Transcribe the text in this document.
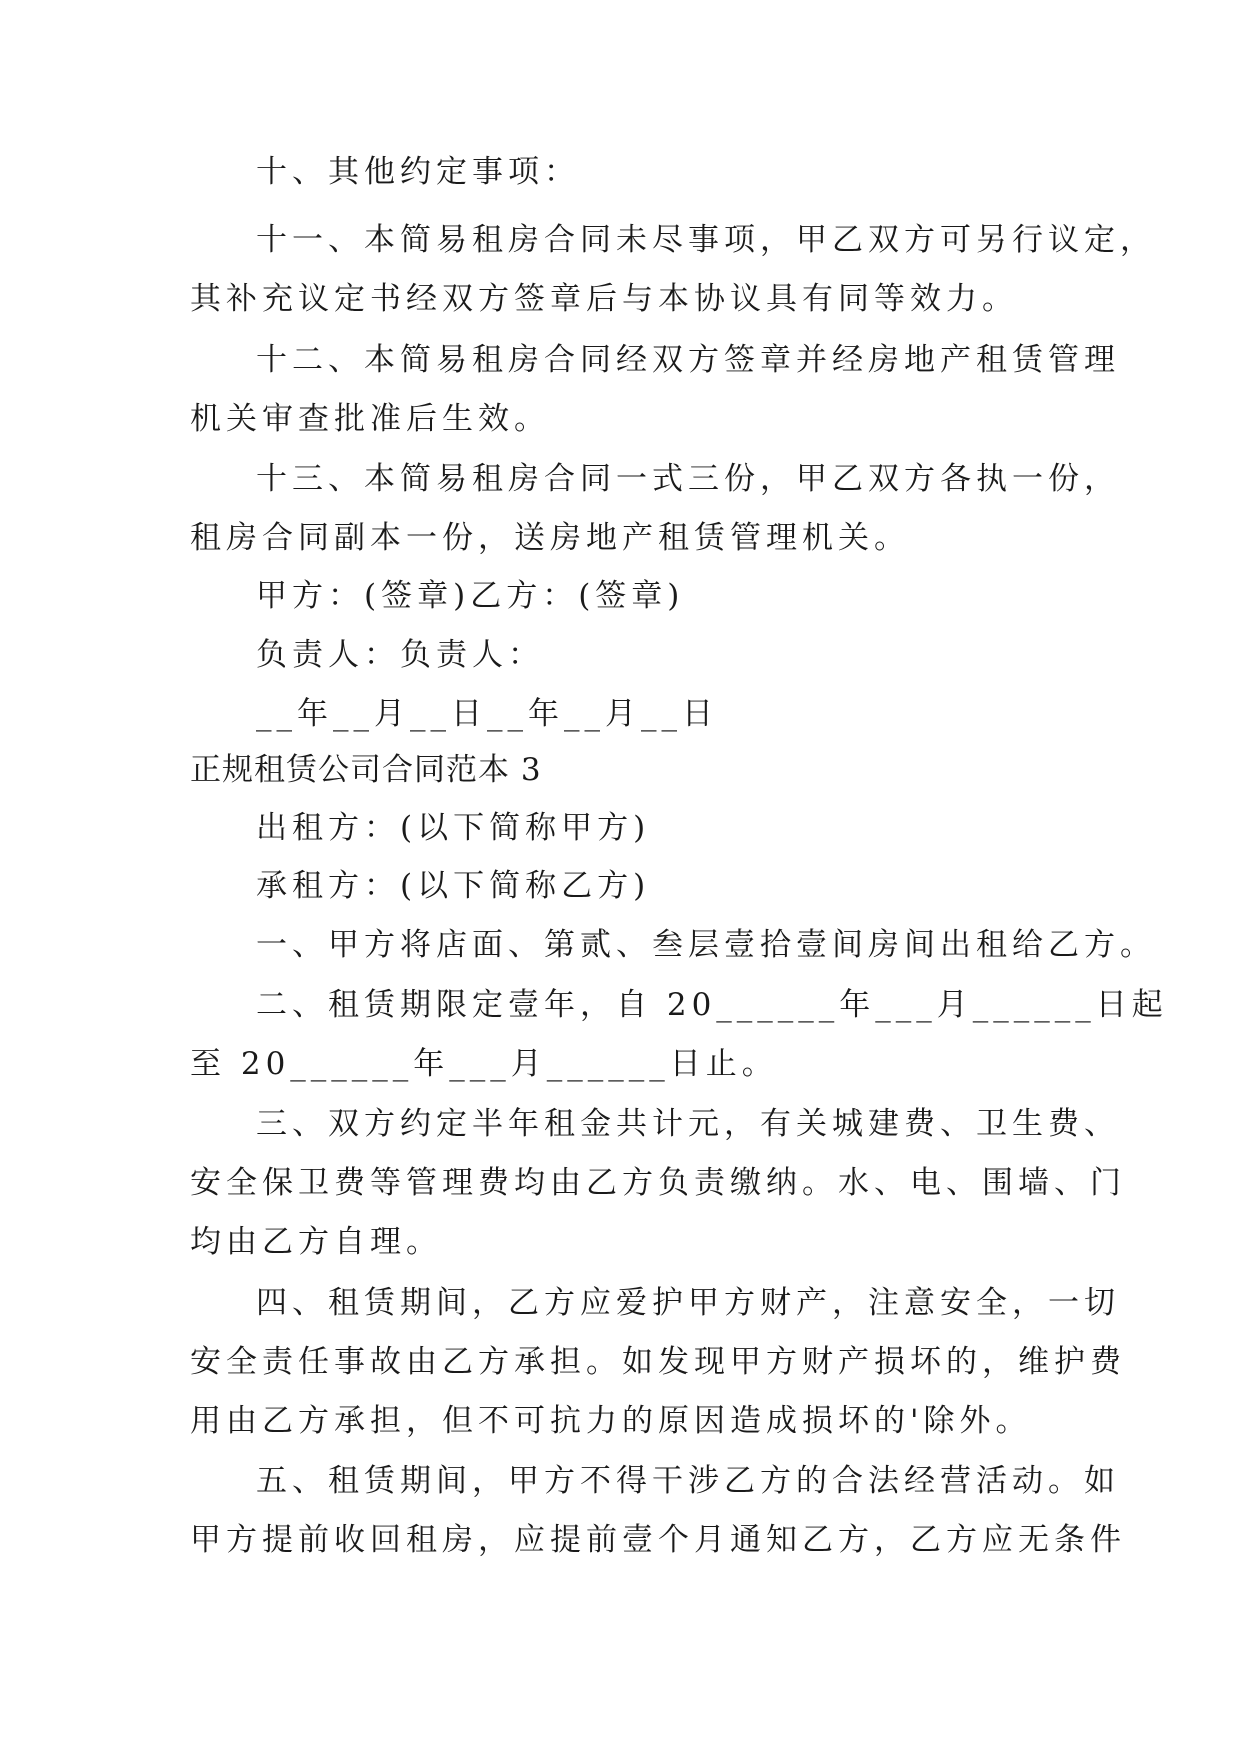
十、其他约定事项：
十一、本简易租房合同未尽事项，甲乙双方可另行议定，
其补充议定书经双方签章后与本协议具有同等效力。
十二、本简易租房合同经双方签章并经房地产租赁管理
机关审查批准后生效。
十三、本简易租房合同一式三份，甲乙双方各执一份，
租房合同副本一份，送房地产租赁管理机关。
甲方：(签章)乙方：(签章)
负责人：负责人：
__年__月__日__年__月__日
正规租赁公司合同范本 3
出租方：(以下简称甲方)
承租方：(以下简称乙方)
一、甲方将店面、第贰、叁层壹拾壹间房间出租给乙方。
二、租赁期限定壹年，自 20______年___月______日起
至 20______年___月______日止。
三、双方约定半年租金共计元，有关城建费、卫生费、
安全保卫费等管理费均由乙方负责缴纳。水、电、围墙、门
均由乙方自理。
四、租赁期间，乙方应爱护甲方财产，注意安全，一切
安全责任事故由乙方承担。如发现甲方财产损坏的，维护费
用由乙方承担，但不可抗力的原因造成损坏的'除外。
五、租赁期间，甲方不得干涉乙方的合法经营活动。如
甲方提前收回租房，应提前壹个月通知乙方，乙方应无条件
